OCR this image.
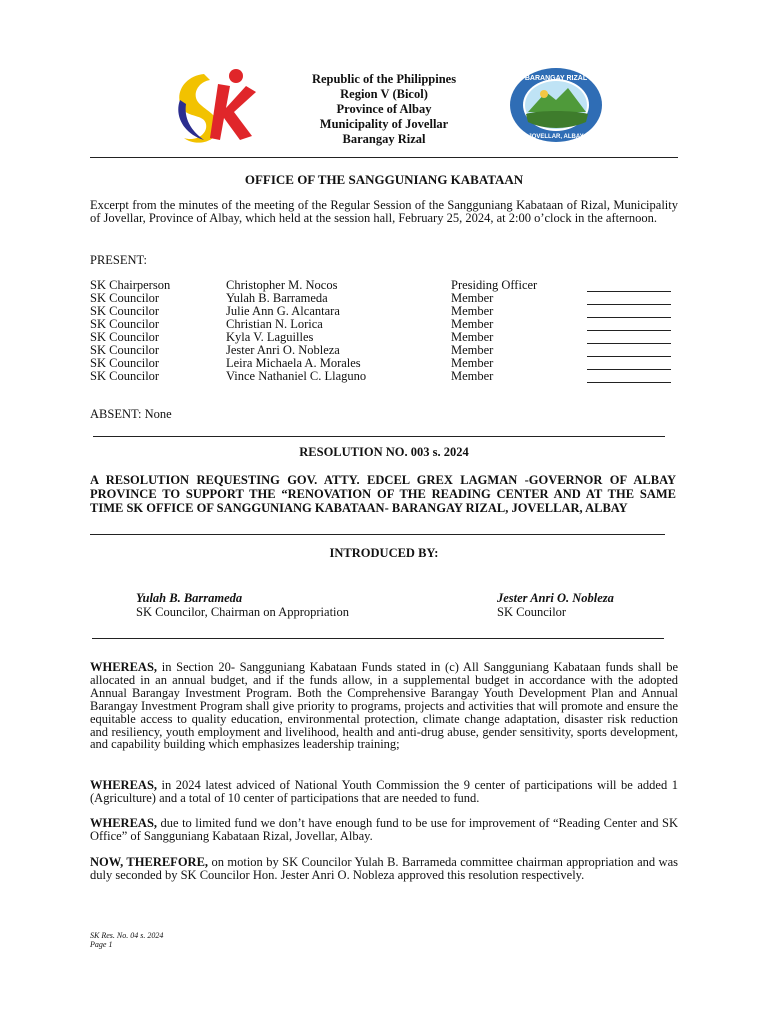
BARANGAY RIZAL
JOVELLAR, ALBAY
Republic of the Philippines
Region V (Bicol)
Province of Albay
Municipality of Jovellar
Barangay Rizal
OFFICE OF THE SANGGUNIANG KABATAAN
Excerpt from the minutes of the meeting of the Regular Session of the Sangguniang Kabataan of Rizal, Municipality of Jovellar, Province of Albay, which held at the session hall, February 25, 2024, at 2:00 o’clock in the afternoon.
PRESENT:
SK Chairperson	Christopher M. Nocos	Presiding Officer
SK Councilor	Yulah B. Barrameda	Member
SK Councilor	Julie Ann G. Alcantara	Member
SK Councilor	Christian N. Lorica	Member
SK Councilor	Kyla V. Laguilles	Member
SK Councilor	Jester Anri O. Nobleza	Member
SK Councilor	Leira Michaela A. Morales	Member
SK Councilor	Vince Nathaniel C. Llaguno	Member
ABSENT: None
RESOLUTION NO. 003 s. 2024
A RESOLUTION REQUESTING GOV. ATTY. EDCEL GREX LAGMAN -GOVERNOR OF ALBAY PROVINCE TO SUPPORT THE “RENOVATION OF THE READING CENTER AND AT THE SAME TIME SK OFFICE OF SANGGUNIANG KABATAAN- BARANGAY RIZAL, JOVELLAR, ALBAY
INTRODUCED BY:
Yulah B. Barrameda
SK Councilor, Chairman on Appropriation
Jester Anri O. Nobleza
SK Councilor
WHEREAS, in Section 20- Sangguniang Kabataan Funds stated in (c) All Sangguniang Kabataan funds shall be allocated in an annual budget, and if the funds allow, in a supplemental budget in accordance with the adopted Annual Barangay Investment Program. Both the Comprehensive Barangay Youth Development Plan and Annual Barangay Investment Program shall give priority to programs, projects and activities that will promote and ensure the equitable access to quality education, environmental protection, climate change adaptation, disaster risk reduction and resiliency, youth employment and livelihood, health and anti-drug abuse, gender sensitivity, sports development, and capability building which emphasizes leadership training;
WHEREAS, in 2024 latest adviced of National Youth Commission the 9 center of participations will be added 1 (Agriculture) and a total of 10 center of participations that are needed to fund.
WHEREAS, due to limited fund we don’t have enough fund to be use for improvement of “Reading Center and SK Office” of Sangguniang Kabataan Rizal, Jovellar, Albay.
NOW, THEREFORE, on motion by SK Councilor Yulah B. Barrameda committee chairman appropriation and was duly seconded by SK Councilor Hon. Jester Anri O. Nobleza approved this resolution respectively.
SK Res. No. 04 s. 2024
Page 1
